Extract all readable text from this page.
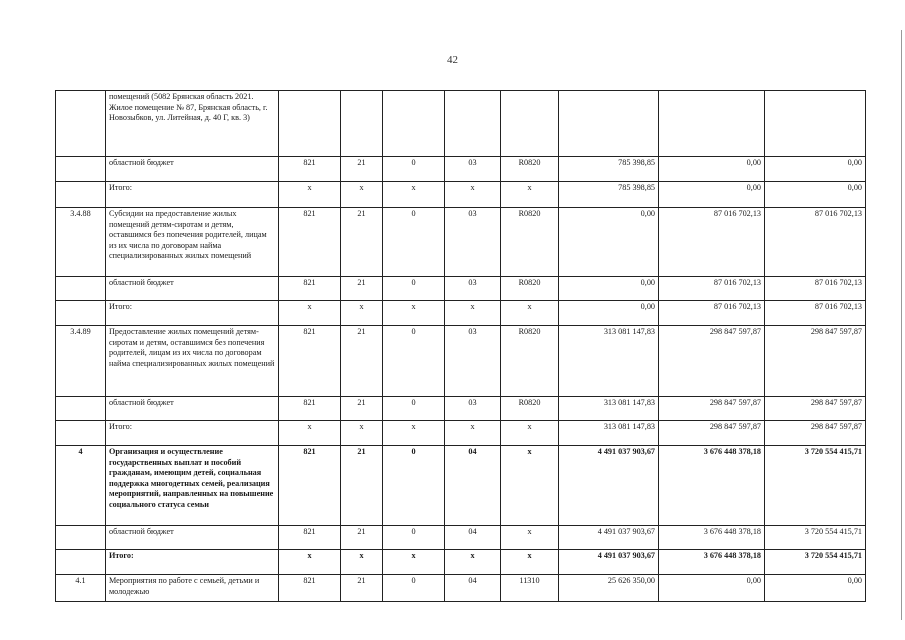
42
	помещений (5082 Брянская область 2021. Жилое помещение № 87, Брянская область, г. Новозыбков, ул. Литейная, д. 40 Г, кв. 3)								
	областной бюджет	821	21	0	03	R0820	785 398,85	0,00	0,00
	Итого:	x	x	x	x	x	785 398,85	0,00	0,00
3.4.88	Субсидии на предоставление жилых помещений детям-сиротам и детям, оставшимся без попечения родителей, лицам из их числа по договорам найма специализированных жилых помещений	821	21	0	03	R0820	0,00	87 016 702,13	87 016 702,13
	областной бюджет	821	21	0	03	R0820	0,00	87 016 702,13	87 016 702,13
	Итого:	x	x	x	x	x	0,00	87 016 702,13	87 016 702,13
3.4.89	Предоставление жилых помещений детям-сиротам и детям, оставшимся без попечения родителей, лицам из их числа по договорам найма специализированных жилых помещений	821	21	0	03	R0820	313 081 147,83	298 847 597,87	298 847 597,87
	областной бюджет	821	21	0	03	R0820	313 081 147,83	298 847 597,87	298 847 597,87
	Итого:	x	x	x	x	x	313 081 147,83	298 847 597,87	298 847 597,87
4	Организация и осуществление государственных выплат и пособий гражданам, имеющим детей, социальная поддержка многодетных семей, реализация мероприятий, направленных на повышение социального статуса семьи	821	21	0	04	x	4 491 037 903,67	3 676 448 378,18	3 720 554 415,71
	областной бюджет	821	21	0	04	x	4 491 037 903,67	3 676 448 378,18	3 720 554 415,71
	Итого:	x	x	x	x	x	4 491 037 903,67	3 676 448 378,18	3 720 554 415,71
4.1	Мероприятия по работе с семьей, детьми и молодежью	821	21	0	04	11310	25 626 350,00	0,00	0,00
